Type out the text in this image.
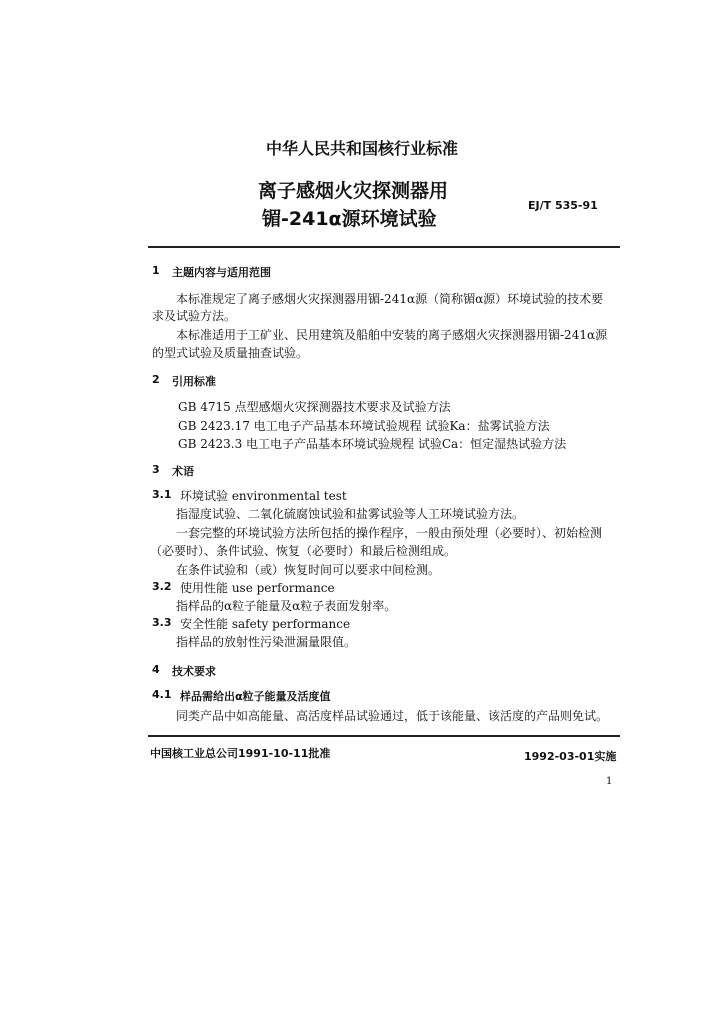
中华人民共和国核行业标准
离子感烟火灾探测器用
镅-241α源环境试验
EJ/T 535-91
1 主题内容与适用范围
本标准规定了离子感烟火灾探测器用镅-241α源（简称镅α源）环境试验的技术要
求及试验方法。
本标准适用于工矿业、民用建筑及船舶中安装的离子感烟火灾探测器用镅-241α源
的型式试验及质量抽查试验。
2 引用标准
GB 4715 点型感烟火灾探测器技术要求及试验方法
GB 2423.17 电工电子产品基本环境试验规程 试验Ka：盐雾试验方法
GB 2423.3 电工电子产品基本环境试验规程 试验Ca：恒定湿热试验方法
3 术语
3.1 环境试验 environmental test
指湿度试验、二氧化硫腐蚀试验和盐雾试验等人工环境试验方法。
一套完整的环境试验方法所包括的操作程序，一般由预处理（必要时）、初始检测
（必要时）、条件试验、恢复（必要时）和最后检测组成。
在条件试验和（或）恢复时间可以要求中间检测。
3.2 使用性能 use performance
指样品的α粒子能量及α粒子表面发射率。
3.3 安全性能 safety performance
指样品的放射性污染泄漏量限值。
4 技术要求
4.1 样品需给出α粒子能量及活度值
同类产品中如高能量、高活度样品试验通过，低于该能量、该活度的产品则免试。
中国核工业总公司1991-10-11批准	1992-03-01实施
1
